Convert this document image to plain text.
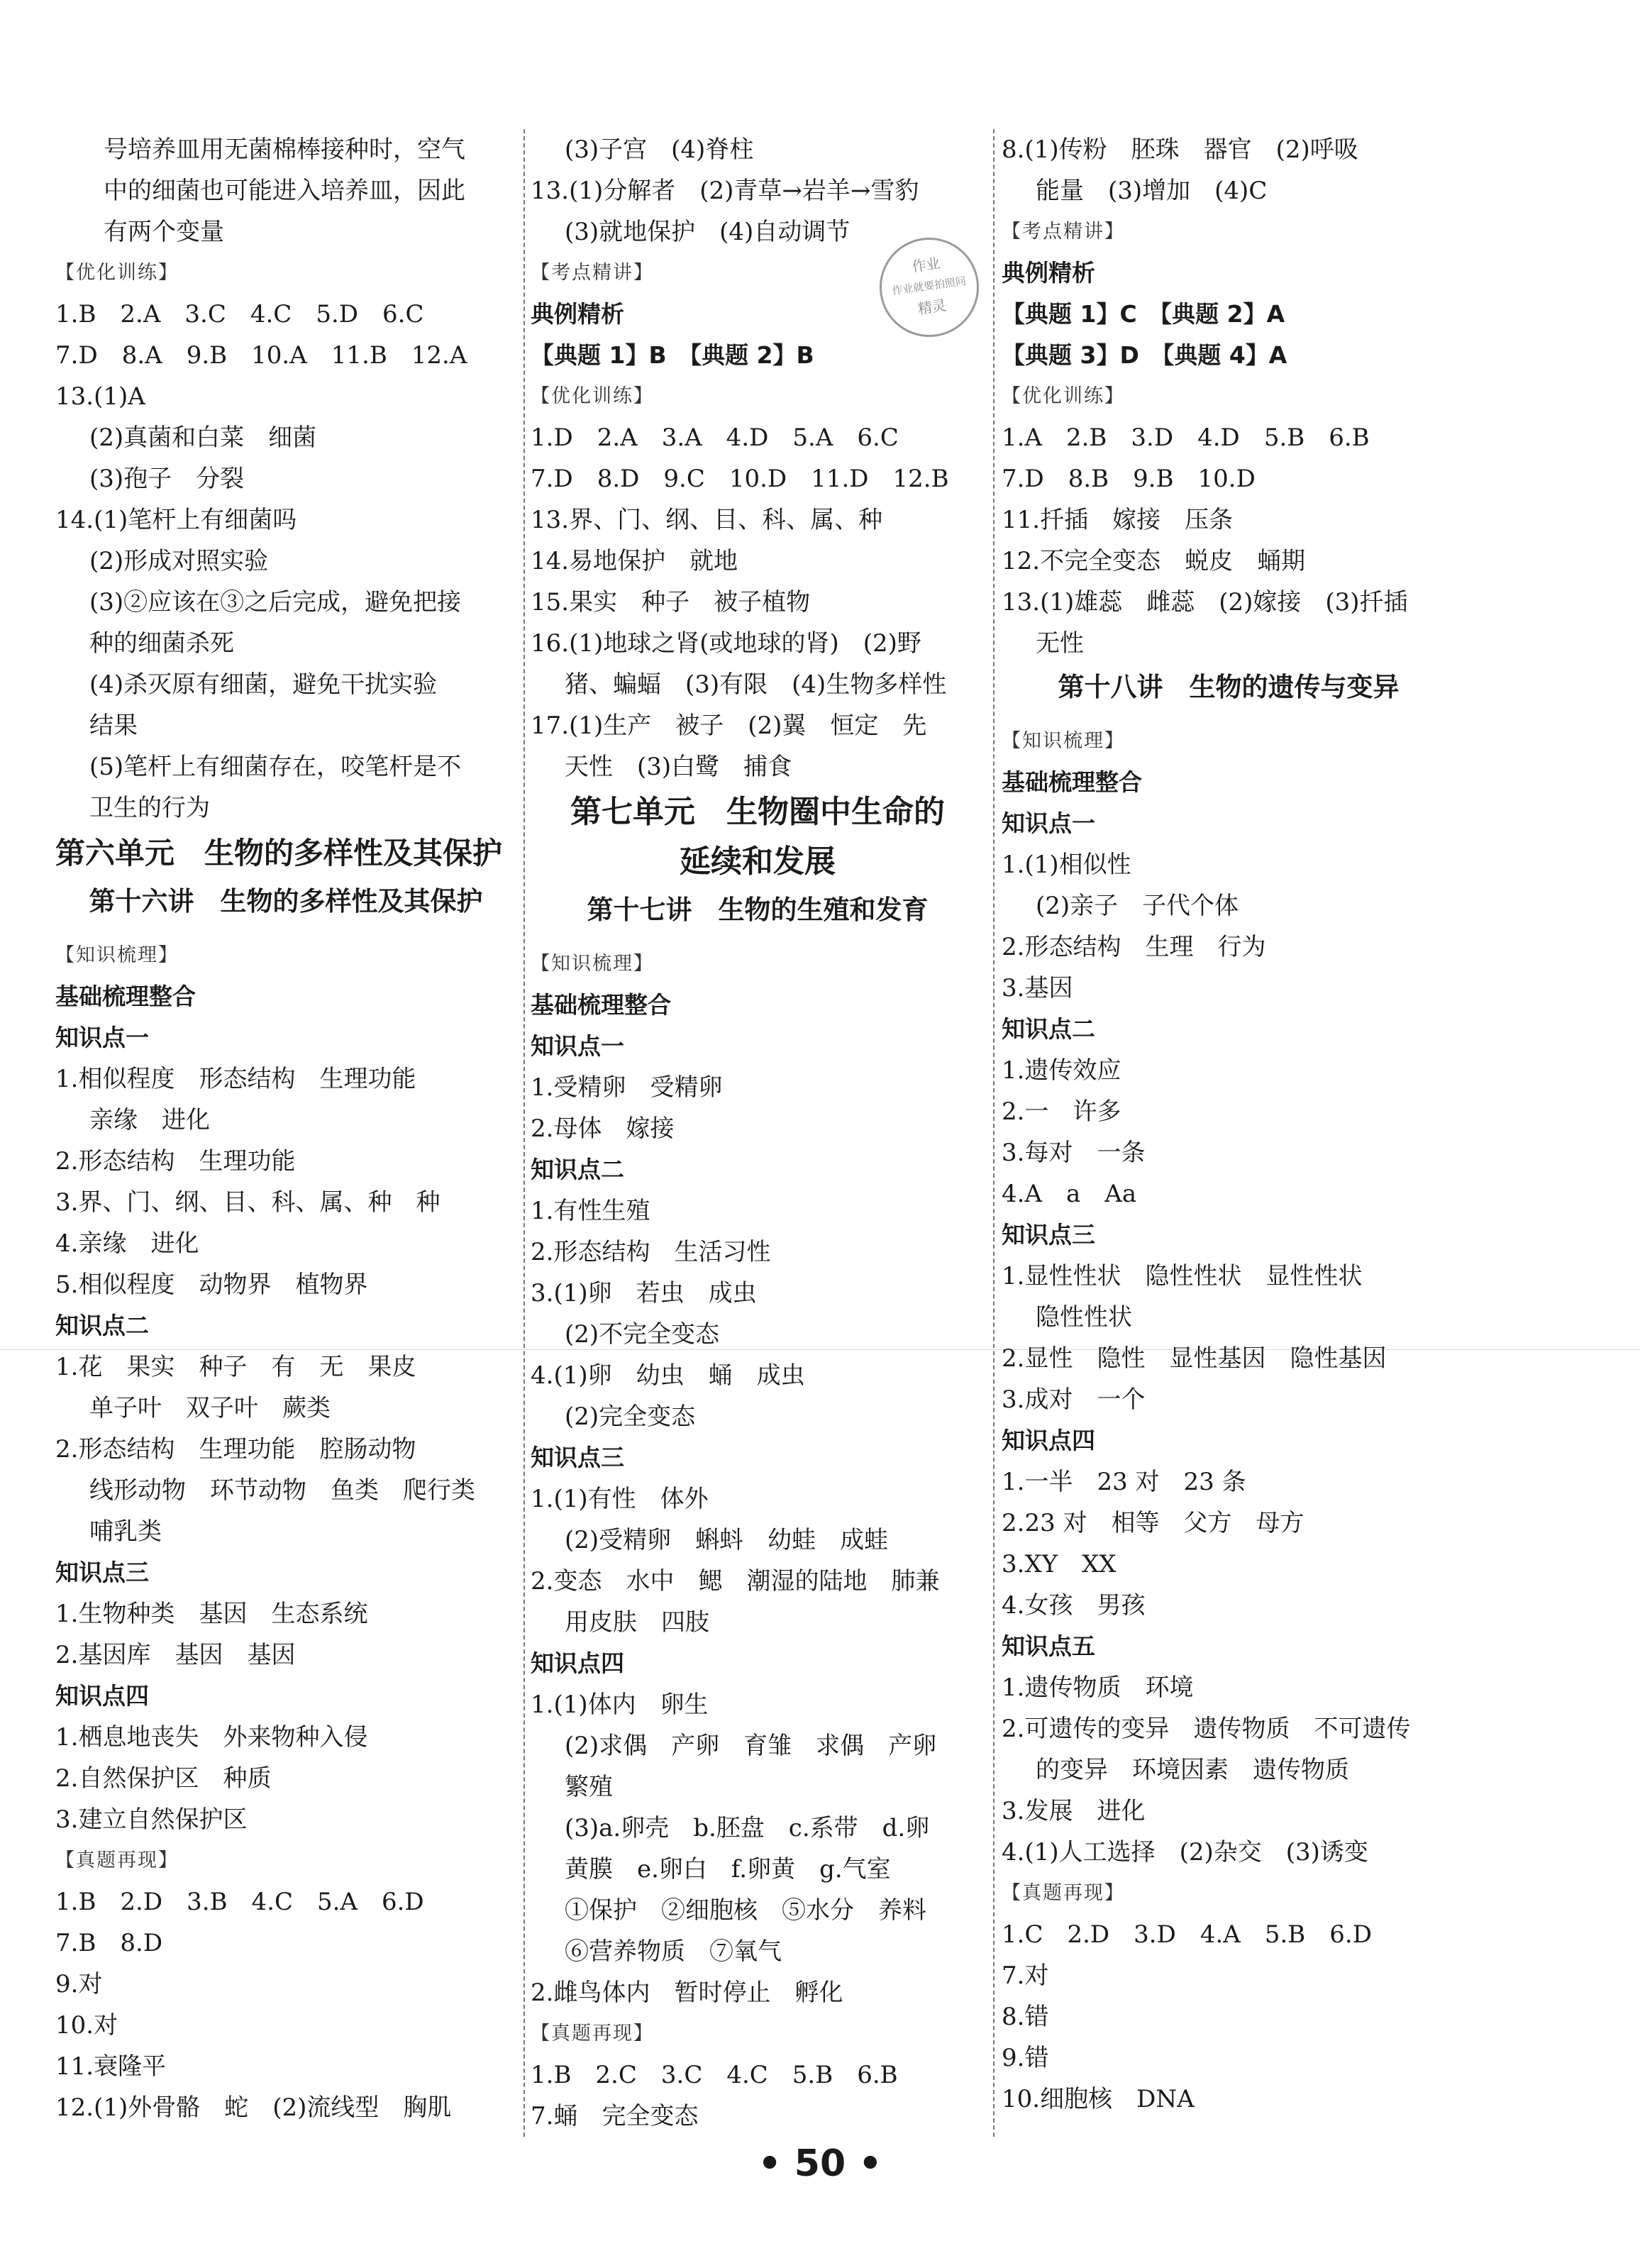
号培养皿用无菌棉棒接种时，空气
中的细菌也可能进入培养皿，因此
有两个变量
【优化训练】
1.B　2.A　3.C　4.C　5.D　6.C
7.D　8.A　9.B　10.A　11.B　12.A
13.(1)A
(2)真菌和白菜　细菌
(3)孢子　分裂
14.(1)笔杆上有细菌吗
(2)形成对照实验
(3)②应该在③之后完成，避免把接
种的细菌杀死
(4)杀灭原有细菌，避免干扰实验
结果
(5)笔杆上有细菌存在，咬笔杆是不
卫生的行为
第六单元　生物的多样性及其保护
第十六讲　生物的多样性及其保护
【知识梳理】
基础梳理整合
知识点一
1.相似程度　形态结构　生理功能
亲缘　进化
2.形态结构　生理功能
3.界、门、纲、目、科、属、种　种
4.亲缘　进化
5.相似程度　动物界　植物界
知识点二
1.花　果实　种子　有　无　果皮
单子叶　双子叶　蕨类
2.形态结构　生理功能　腔肠动物
线形动物　环节动物　鱼类　爬行类
哺乳类
知识点三
1.生物种类　基因　生态系统
2.基因库　基因　基因
知识点四
1.栖息地丧失　外来物种入侵
2.自然保护区　种质
3.建立自然保护区
【真题再现】
1.B　2.D　3.B　4.C　5.A　6.D
7.B　8.D
9.对
10.对
11.衰隆平
12.(1)外骨骼　蛇　(2)流线型　胸肌
(3)子宫　(4)脊柱
13.(1)分解者　(2)青草→岩羊→雪豹
(3)就地保护　(4)自动调节
【考点精讲】
典例精析
【典题 1】B　【典题 2】B
【优化训练】
1.D　2.A　3.A　4.D　5.A　6.C
7.D　8.D　9.C　10.D　11.D　12.B
13.界、门、纲、目、科、属、种
14.易地保护　就地
15.果实　种子　被子植物
16.(1)地球之肾(或地球的肾)　(2)野
猪、蝙蝠　(3)有限　(4)生物多样性
17.(1)生产　被子　(2)翼　恒定　先
天性　(3)白鹭　捕食
第七单元　生物圈中生命的
延续和发展
第十七讲　生物的生殖和发育
【知识梳理】
基础梳理整合
知识点一
1.受精卵　受精卵
2.母体　嫁接
知识点二
1.有性生殖
2.形态结构　生活习性
3.(1)卵　若虫　成虫
(2)不完全变态
4.(1)卵　幼虫　蛹　成虫
(2)完全变态
知识点三
1.(1)有性　体外
(2)受精卵　蝌蚪　幼蛙　成蛙
2.变态　水中　鳃　潮湿的陆地　肺兼
用皮肤　四肢
知识点四
1.(1)体内　卵生
(2)求偶　产卵　育雏　求偶　产卵
繁殖
(3)a.卵壳　b.胚盘　c.系带　d.卵
黄膜　e.卵白　f.卵黄　g.气室
①保护　②细胞核　⑤水分　养料
⑥营养物质　⑦氧气
2.雌鸟体内　暂时停止　孵化
【真题再现】
1.B　2.C　3.C　4.C　5.B　6.B
7.蛹　完全变态
8.(1)传粉　胚珠　器官　(2)呼吸
能量　(3)增加　(4)C
【考点精讲】
典例精析
【典题 1】C　【典题 2】A
【典题 3】D　【典题 4】A
【优化训练】
1.A　2.B　3.D　4.D　5.B　6.B
7.D　8.B　9.B　10.D
11.扦插　嫁接　压条
12.不完全变态　蜕皮　蛹期
13.(1)雄蕊　雌蕊　(2)嫁接　(3)扦插
无性
第十八讲　生物的遗传与变异
【知识梳理】
基础梳理整合
知识点一
1.(1)相似性
(2)亲子　子代个体
2.形态结构　生理　行为
3.基因
知识点二
1.遗传效应
2.一　许多
3.每对　一条
4.A　a　Aa
知识点三
1.显性性状　隐性性状　显性性状
隐性性状
2.显性　隐性　显性基因　隐性基因
3.成对　一个
知识点四
1.一半　23 对　23 条
2.23 对　相等　父方　母方
3.XY　XX
4.女孩　男孩
知识点五
1.遗传物质　环境
2.可遗传的变异　遗传物质　不可遗传
的变异　环境因素　遗传物质
3.发展　进化
4.(1)人工选择　(2)杂交　(3)诱变
【真题再现】
1.C　2.D　3.D　4.A　5.B　6.D
7.对
8.错
9.错
10.细胞核　DNA
作业
作业就要拍照问
精灵
• 50 •
